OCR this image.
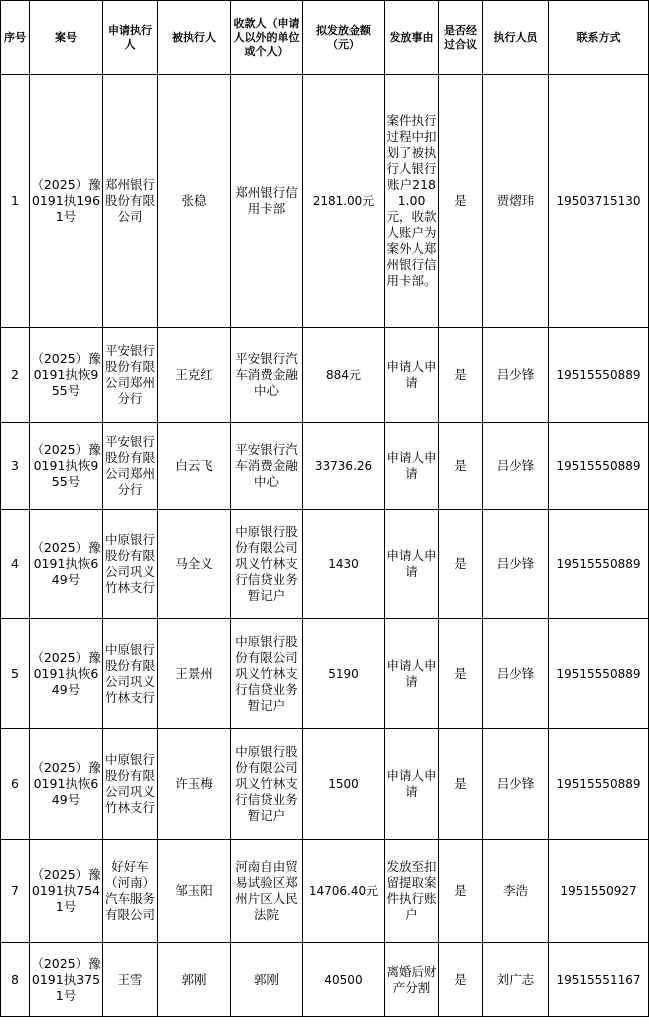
序号	案号	申请执行人	被执行人	收款人（申请人以外的单位或个人）	拟发放金额（元）	发放事由	是否经过合议	执行人员	联系方式
1	（2025）豫0191执1961号	郑州银行股份有限公司	张稳	郑州银行信用卡部	2181.00元	案件执行过程中扣划了被执行人银行账户2181.00元，收款人账户为案外人郑州银行信用卡部。	是	贾熠玮	19503715130
2	（2025）豫0191执恢955号	平安银行股份有限公司郑州分行	王克红	平安银行汽车消费金融中心	884元	申请人申请	是	吕少锋	19515550889
3	（2025）豫0191执恢955号	平安银行股份有限公司郑州分行	白云飞	平安银行汽车消费金融中心	33736.26	申请人申请	是	吕少锋	19515550889
4	（2025）豫0191执恢649号	中原银行股份有限公司巩义竹林支行	马全义	中原银行股份有限公司巩义竹林支行信贷业务暂记户	1430	申请人申请	是	吕少锋	19515550889
5	（2025）豫0191执恢649号	中原银行股份有限公司巩义竹林支行	王景州	中原银行股份有限公司巩义竹林支行信贷业务暂记户	5190	申请人申请	是	吕少锋	19515550889
6	（2025）豫0191执恢649号	中原银行股份有限公司巩义竹林支行	许玉梅	中原银行股份有限公司巩义竹林支行信贷业务暂记户	1500	申请人申请	是	吕少锋	19515550889
7	（2025）豫0191执7541号	好好车（河南）汽车服务有限公司	邹玉阳	河南自由贸易试验区郑州片区人民法院	14706.40元	发放至扣留提取案件执行账户	是	李浩	1951550927
8	（2025）豫0191执3751号	王雪	郭刚	郭刚	40500	离婚后财产分割	是	刘广志	19515551167
